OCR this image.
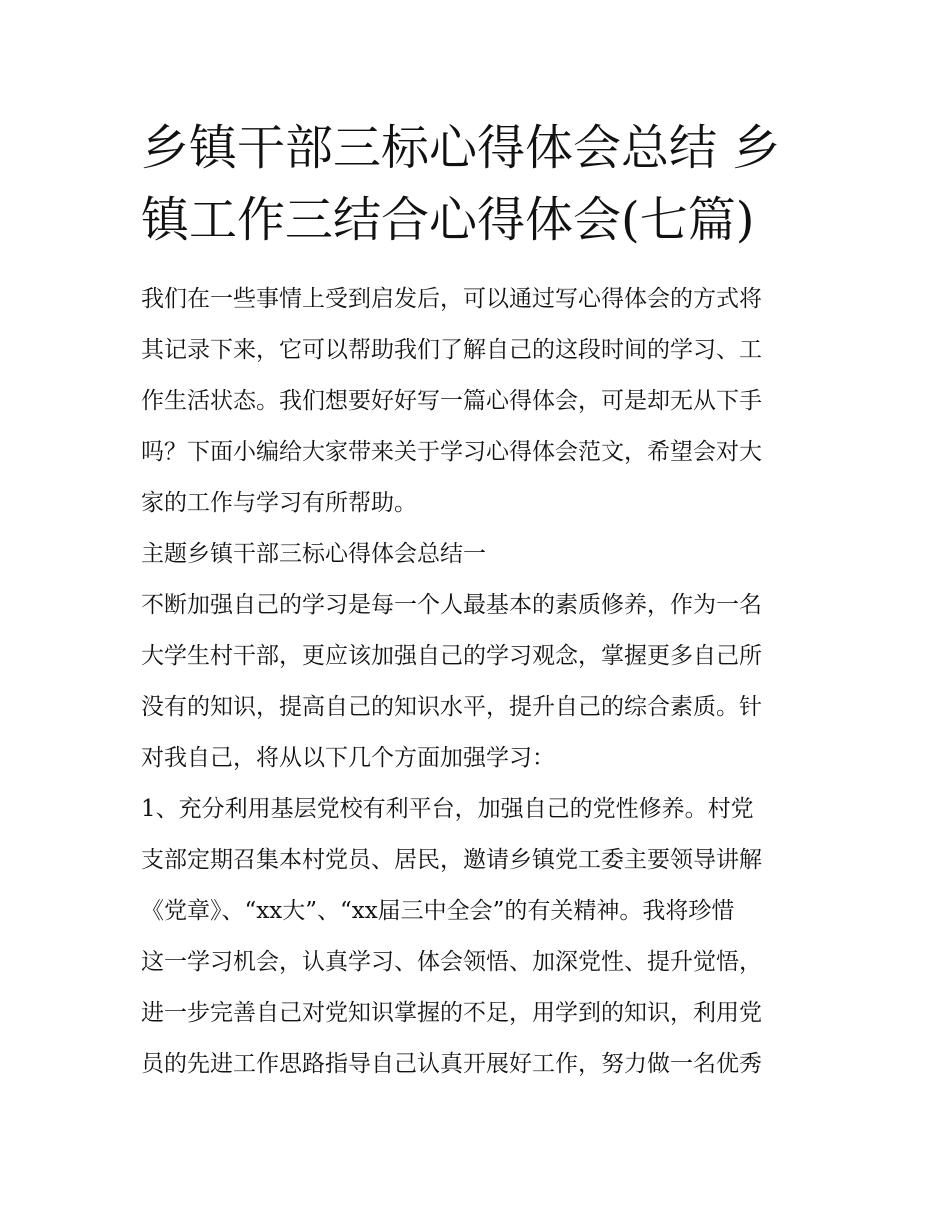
乡镇干部三标心得体会总结 乡
镇工作三结合心得体会(七篇)
我们在一些事情上受到启发后，可以通过写心得体会的方式将
其记录下来，它可以帮助我们了解自己的这段时间的学习、工
作生活状态。我们想要好好写一篇心得体会，可是却无从下手
吗？下面小编给大家带来关于学习心得体会范文，希望会对大
家的工作与学习有所帮助。
主题乡镇干部三标心得体会总结一
不断加强自己的学习是每一个人最基本的素质修养，作为一名
大学生村干部，更应该加强自己的学习观念，掌握更多自己所
没有的知识，提高自己的知识水平，提升自己的综合素质。针
对我自己，将从以下几个方面加强学习：
1、充分利用基层党校有利平台，加强自己的党性修养。村党
支部定期召集本村党员、居民，邀请乡镇党工委主要领导讲解
《党章》、“xx大”、“xx届三中全会”的有关精神。我将珍惜
这一学习机会，认真学习、体会领悟、加深党性、提升觉悟，
进一步完善自己对党知识掌握的不足，用学到的知识，利用党
员的先进工作思路指导自己认真开展好工作，努力做一名优秀
